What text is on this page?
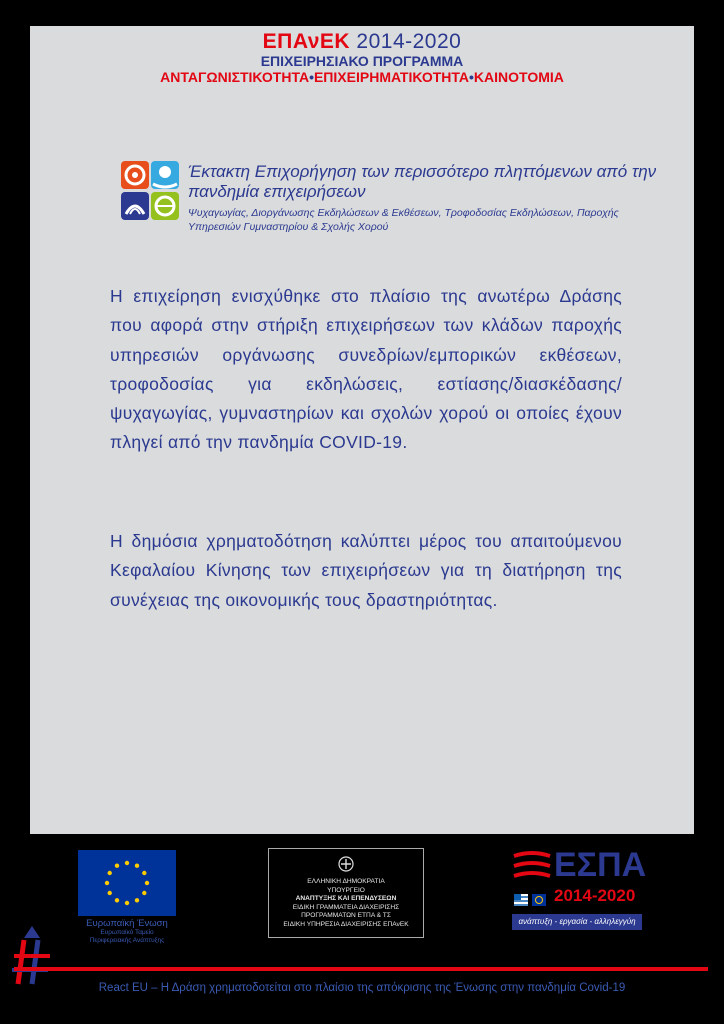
ΕΠΑνΕΚ 2014-2020
ΕΠΙΧΕΙΡΗΣΙΑΚΟ ΠΡΟΓΡΑΜΜΑ
ΑΝΤΑΓΩΝΙΣΤΙΚΟΤΗΤΑ•ΕΠΙΧΕΙΡΗΜΑΤΙΚΟΤΗΤΑ•ΚΑΙΝΟΤΟΜΙΑ
Έκτακτη Επιχορήγηση των περισσότερο πληττόμενων από την πανδημία επιχειρήσεων
Ψυχαγωγίας, Διοργάνωσης Εκδηλώσεων & Εκθέσεων, Τροφοδοσίας Εκδηλώσεων, Παροχής Υπηρεσιών Γυμναστηρίου & Σχολής Χορού
Η επιχείρηση ενισχύθηκε στο πλαίσιο της ανωτέρω Δράσης που αφορά στην στήριξη επιχειρήσεων των κλάδων παροχής υπηρεσιών οργάνωσης συνεδρίων/εμπορικών εκθέσεων, τροφοδοσίας για εκδηλώσεις, εστίασης/διασκέδασης/ψυχαγωγίας, γυμναστηρίων και σχολών χορού οι οποίες έχουν πληγεί από την πανδημία COVID-19.
Η δημόσια χρηματοδότηση καλύπτει μέρος του απαιτούμενου Κεφαλαίου Κίνησης των επιχειρήσεων για τη διατήρηση της συνέχειας της οικονομικής τους δραστηριότητας.
Ευρωπαϊκή Ένωση
Ευρωπαϊκό Ταμείο
Περιφερειακής Ανάπτυξης
ΕΛΛΗΝΙΚΗ ΔΗΜΟΚΡΑΤΙΑ
ΥΠΟΥΡΓΕΙΟ
ΑΝΑΠΤΥΞΗΣ ΚΑΙ ΕΠΕΝΔΥΣΕΩΝ
ΕΙΔΙΚΗ ΓΡΑΜΜΑΤΕΙΑ ΔΙΑΧΕΙΡΙΣΗΣ
ΠΡΟΓΡΑΜΜΑΤΩΝ ΕΤΠΑ & ΤΣ
ΕΙΔΙΚΗ ΥΠΗΡΕΣΙΑ ΔΙΑΧΕΙΡΙΣΗΣ ΕΠΑνΕΚ
ΕΣΠΑ
2014-2020
ανάπτυξη - εργασία - αλληλεγγύη
React EU – Η Δράση χρηματοδοτείται στο πλαίσιο της απόκρισης της Ένωσης στην πανδημία Covid-19
